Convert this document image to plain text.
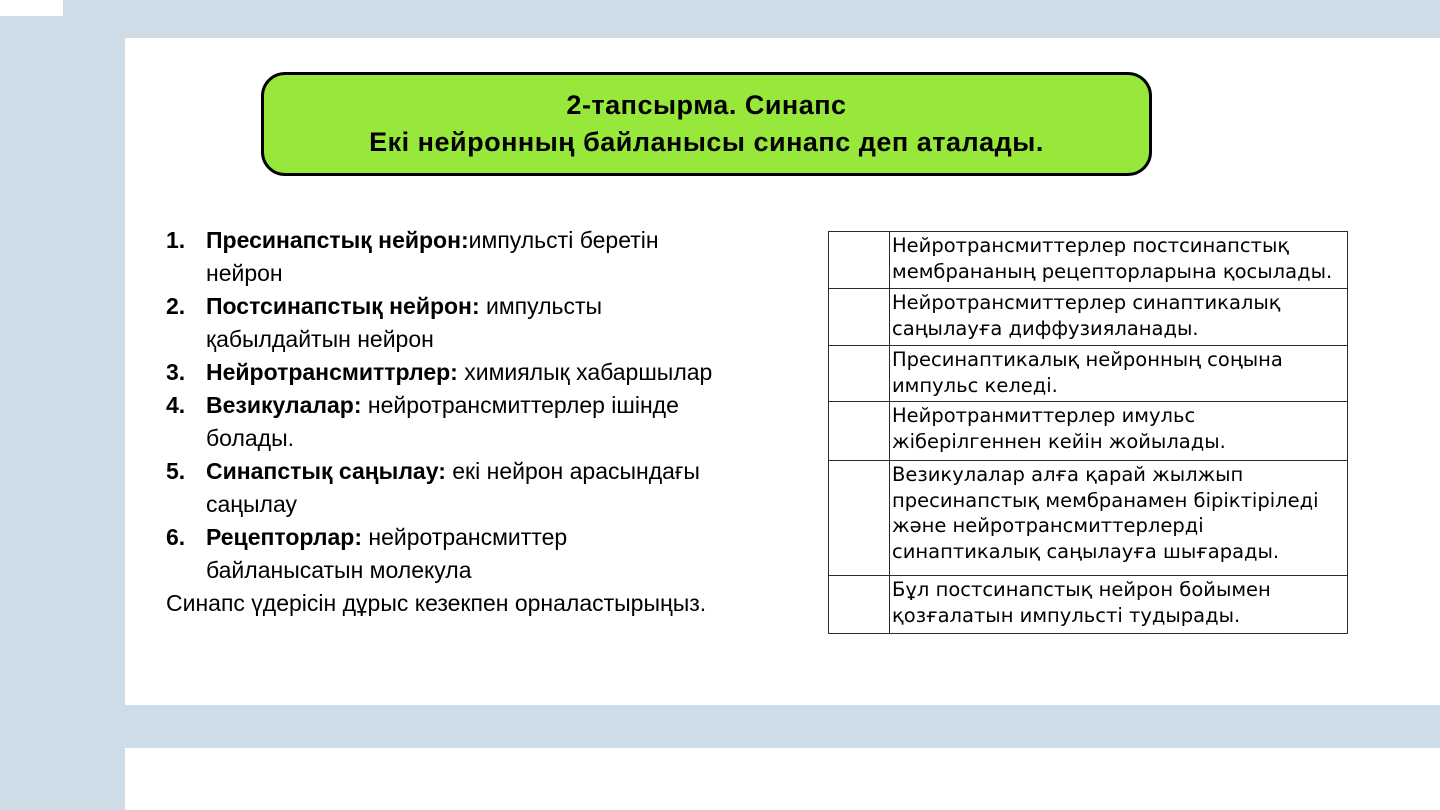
2-тапсырма. Синапс
Екі нейронның байланысы синапс деп аталады.
1. Пресинапстық нейрон:импульсті беретін нейрон
2. Постсинапстық нейрон: импульсты қабылдайтын нейрон
3. Нейротрансмиттрлер: химиялық хабаршылар
4. Везикулалар: нейротрансмиттерлер ішінде болады.
5. Синапстық саңылау: екі нейрон арасындағы саңылау
6. Рецепторлар: нейротрансмиттер байланысатын молекула
Синапс үдерісін дұрыс кезекпен орналастырыңыз.
	Нейротрансмиттерлер постсинапстық мембрананың рецепторларына қосылады.
	Нейротрансмиттерлер синаптикалық саңылауға диффузияланады.
	Пресинаптикалық нейронның соңына импульс келеді.
	Нейротранмиттерлер имульс жіберілгеннен кейін жойылады.
	Везикулалар алға қарай жылжып пресинапстық мембранамен біріктіріледі және нейротрансмиттерлерді синаптикалық саңылауға шығарады.
	Бұл постсинапстық нейрон бойымен қозғалатын импульсті тудырады.
